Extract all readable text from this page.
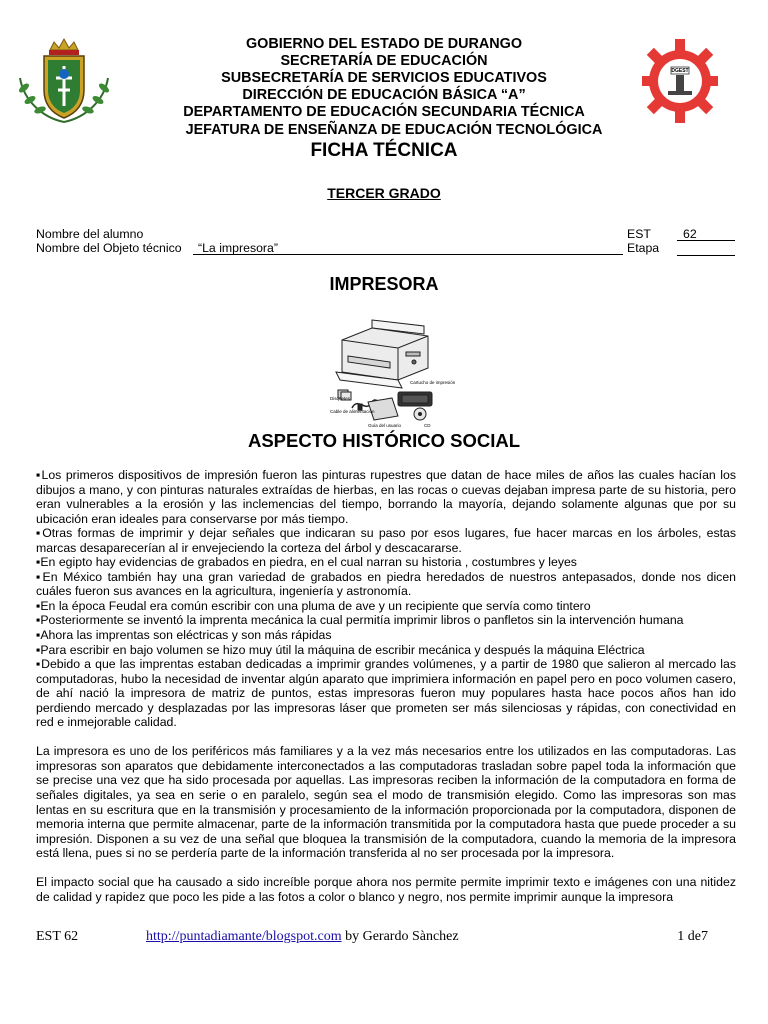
DGEST
GOBIERNO DEL ESTADO DE DURANGO
SECRETARÍA DE EDUCACIÓN
SUBSECRETARÍA DE SERVICIOS EDUCATIVOS
DIRECCIÓN DE EDUCACIÓN BÁSICA “A”
DEPARTAMENTO DE EDUCACIÓN SECUNDARIA TÉCNICA
JEFATURA DE ENSEÑANZA DE EDUCACIÓN TECNOLÓGICA
FICHA TÉCNICA
TERCER GRADO
Nombre del alumno
Nombre del Objeto técnico “La impresora”
EST	62
Etapa
IMPRESORA
Cartucho de impresión
Disquetes
Cable de alimentación
Guía del usuario	CD
ASPECTO HISTÓRICO SOCIAL

▪Los primeros dispositivos de impresión fueron las pinturas rupestres que datan de hace miles de años las cuales hacían los dibujos a mano, y con pinturas naturales extraídas de hierbas, en las rocas o cuevas dejaban impresa parte de su historia, pero eran vulnerables a la erosión y las inclemencias del tiempo, borrando la mayoría, dejando solamente algunas que por su ubicación eran ideales para conservarse por más tiempo.

▪Otras formas de imprimir y dejar señales que indicaran su paso por esos lugares, fue hacer marcas en los árboles, estas marcas desaparecerían al ir envejeciendo la corteza del árbol y descacararse.

▪En egipto hay evidencias de grabados en piedra, en el cual narran su historia , costumbres y leyes

▪En México también hay una gran variedad de grabados en piedra heredados de nuestros antepasados, donde nos dicen cuáles fueron sus avances en la agricultura, ingeniería y astronomía.

▪En la época Feudal era común escribir con una pluma de ave y un recipiente que servía como tintero

▪Posteriormente se inventó la imprenta mecánica la cual permitía imprimir libros o panfletos sin la intervención humana

▪Ahora las imprentas son eléctricas y son más rápidas

▪Para escribir en bajo volumen se hizo muy útil la máquina de escribir mecánica y después la máquina Eléctrica

▪Debido a que las imprentas estaban dedicadas a imprimir grandes volúmenes, y a partir de 1980 que salieron al mercado las computadoras, hubo la necesidad de inventar algún aparato que imprimiera información en papel pero en poco volumen casero, de ahí nació la impresora de matriz de puntos, estas impresoras fueron muy populares hasta hace pocos años han ido perdiendo mercado y desplazadas por las impresoras láser que prometen ser más silenciosas y rápidas, con conectividad en red e inmejorable calidad.

La impresora es uno de los periféricos más familiares y a la vez más necesarios entre los utilizados en las computadoras. Las impresoras son aparatos que debidamente interconectados a las computadoras trasladan sobre papel toda la información que se precise una vez que ha sido procesada por aquellas. Las impresoras reciben la información de la computadora en forma de señales digitales, ya sea en serie o en paralelo, según sea el modo de transmisión elegido. Como las impresoras son mas lentas en su escritura que en la transmisión y procesamiento de la información proporcionada por la computadora, disponen de memoria interna que permite almacenar, parte de la información transmitida por la computadora hasta que puede proceder a su impresión. Disponen a su vez de una señal que bloquea la transmisión de la computadora, cuando la memoria de la impresora está llena, pues si no se perdería parte de la información transferida al no ser procesada por la impresora.

El impacto social que ha causado a sido increíble porque ahora nos permite permite imprimir texto e imágenes con una nitidez de calidad y rapidez que poco les pide a las fotos a color o blanco y negro, nos permite imprimir aunque la impresora

EST 62	http://puntadiamante/blogspot.com by Gerardo Sànchez	1 de7
